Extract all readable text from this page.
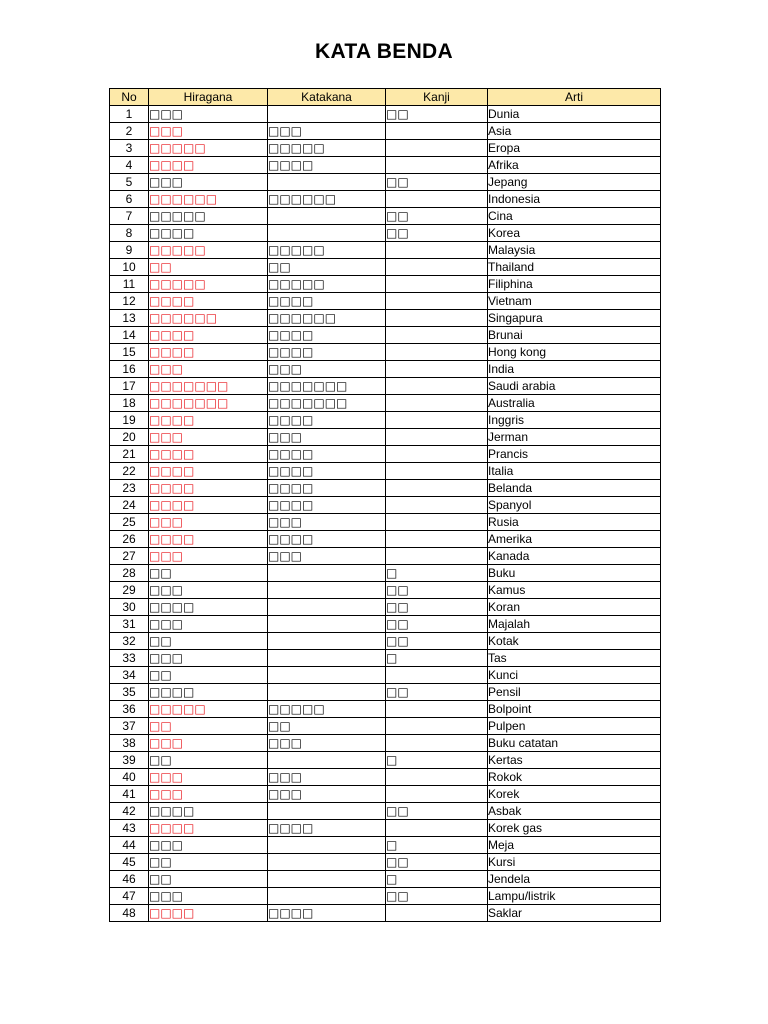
KATA BENDA
No	Hiragana	Katakana	Kanji	Arti
1	□□□		□□	Dunia
2	□□□	□□□		Asia
3	□□□□□	□□□□□		Eropa
4	□□□□	□□□□		Afrika
5	□□□		□□	Jepang
6	□□□□□□	□□□□□□		Indonesia
7	□□□□□		□□	Cina
8	□□□□		□□	Korea
9	□□□□□	□□□□□		Malaysia
10	□□	□□		Thailand
11	□□□□□	□□□□□		Filiphina
12	□□□□	□□□□		Vietnam
13	□□□□□□	□□□□□□		Singapura
14	□□□□	□□□□		Brunai
15	□□□□	□□□□		Hong kong
16	□□□	□□□		India
17	□□□□□□□	□□□□□□□		Saudi arabia
18	□□□□□□□	□□□□□□□		Australia
19	□□□□	□□□□		Inggris
20	□□□	□□□		Jerman
21	□□□□	□□□□		Prancis
22	□□□□	□□□□		Italia
23	□□□□	□□□□		Belanda
24	□□□□	□□□□		Spanyol
25	□□□	□□□		Rusia
26	□□□□	□□□□		Amerika
27	□□□	□□□		Kanada
28	□□		□	Buku
29	□□□		□□	Kamus
30	□□□□		□□	Koran
31	□□□		□□	Majalah
32	□□		□□	Kotak
33	□□□		□	Tas
34	□□			Kunci
35	□□□□		□□	Pensil
36	□□□□□	□□□□□		Bolpoint
37	□□	□□		Pulpen
38	□□□	□□□		Buku catatan
39	□□		□	Kertas
40	□□□	□□□		Rokok
41	□□□	□□□		Korek
42	□□□□		□□	Asbak
43	□□□□	□□□□		Korek gas
44	□□□		□	Meja
45	□□		□□	Kursi
46	□□		□	Jendela
47	□□□		□□	Lampu/listrik
48	□□□□	□□□□		Saklar
